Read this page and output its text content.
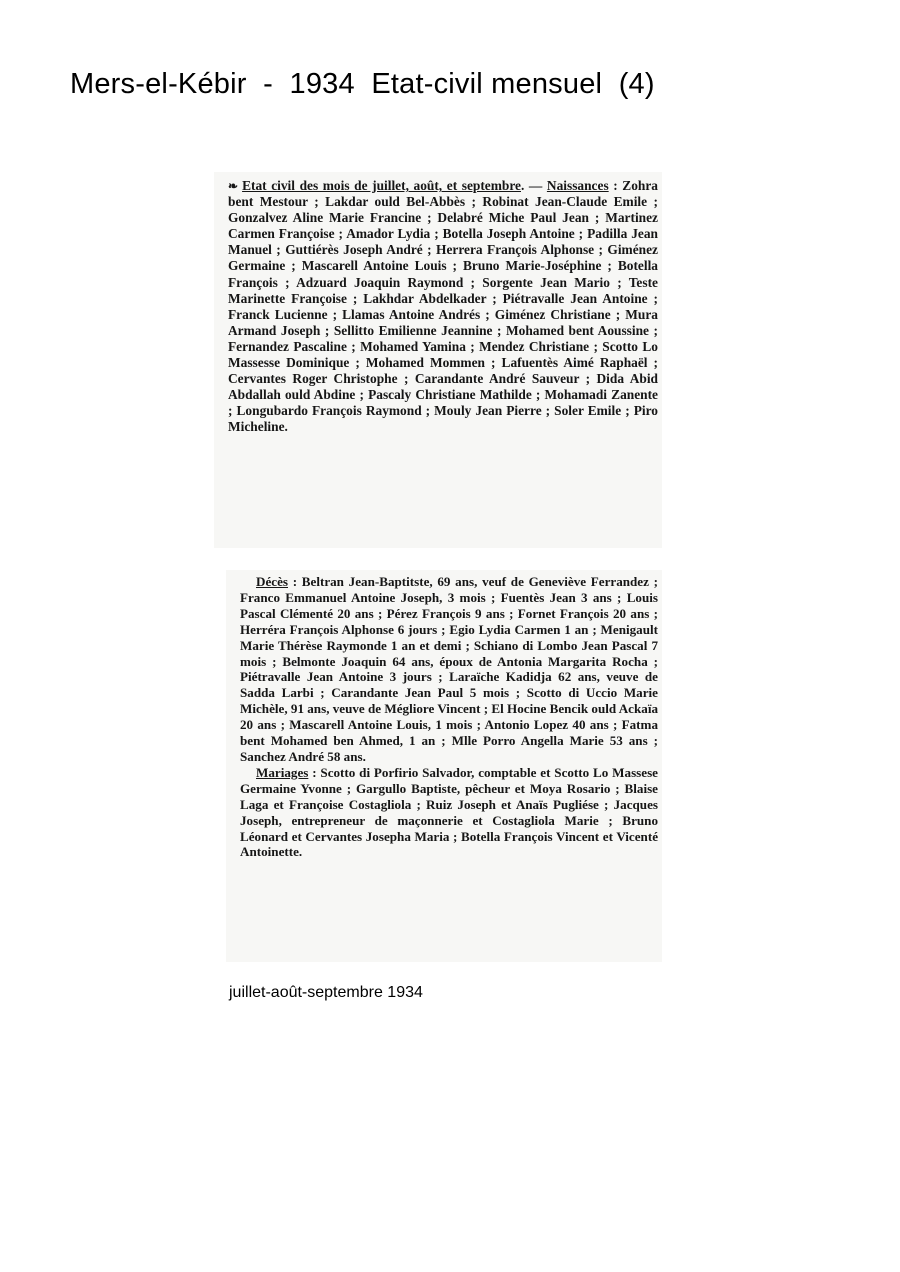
Mers-el-Kébir  -  1934  Etat-civil mensuel  (4)
❧ Etat civil des mois de juillet, août, et septembre. — Naissances : Zohra bent Mestour ; Lakdar ould Bel-Abbès ; Robinat Jean-Claude Emile ; Gonzalvez Aline Marie Francine ; Delabré Miche Paul Jean ; Martinez Carmen Françoise ; Amador Lydia ; Botella Joseph Antoine ; Padilla Jean Manuel ; Guttiérès Joseph André ; Herrera François Alphonse ; Giménez Germaine ; Mascarell Antoine Louis ; Bruno Marie-Joséphine ; Botella François ; Adzuard Joaquin Raymond ; Sorgente Jean Mario ; Teste Marinette Françoise ; Lakhdar Abdelkader ; Piétravalle Jean Antoine ; Franck Lucienne ; Llamas Antoine Andrés ; Giménez Christiane ; Mura Armand Joseph ; Sellitto Emilienne Jeannine ; Mohamed bent Aoussine ; Fernandez Pascaline ; Mohamed Yamina ; Mendez Christiane ; Scotto Lo Massesse Dominique ; Mohamed Mommen ; Lafuentès Aimé Raphaël ; Cervantes Roger Christophe ; Carandante André Sauveur ; Dida Abid Abdallah ould Abdine ; Pascaly Christiane Mathilde ; Mohamadi Zanente ; Longubardo François Raymond ; Mouly Jean Pierre ; Soler Emile ; Piro Micheline.

Décès : Beltran Jean-Baptitste, 69 ans, veuf de Geneviève Ferrandez ; Franco Emmanuel Antoine Joseph, 3 mois ; Fuentès Jean 3 ans ; Louis Pascal Clémenté 20 ans ; Pérez François 9 ans ; Fornet François 20 ans ; Herréra François Alphonse 6 jours ; Egio Lydia Carmen 1 an ; Menigault Marie Thérèse Raymonde 1 an et demi ; Schiano di Lombo Jean Pascal 7 mois ; Belmonte Joaquin 64 ans, époux de Antonia Margarita Rocha ; Piétravalle Jean Antoine 3 jours ; Laraïche Kadidja 62 ans, veuve de Sadda Larbi ; Carandante Jean Paul 5 mois ; Scotto di Uccio Marie Michèle, 91 ans, veuve de Mégliore Vincent ; El Hocine Bencik ould Ackaïa 20 ans ; Mascarell Antoine Louis, 1 mois ; Antonio Lopez 40 ans ; Fatma bent Mohamed ben Ahmed, 1 an ; Mlle Porro Angella Marie 53 ans ; Sanchez André 58 ans.

Mariages : Scotto di Porfirio Salvador, comptable et Scotto Lo Massese Germaine Yvonne ; Gargullo Baptiste, pêcheur et Moya Rosario ; Blaise Laga et Françoise Costagliola ; Ruiz Joseph et Anaïs Pugliése ; Jacques Joseph, entrepreneur de maçonnerie et Costagliola Marie ; Bruno Léonard et Cervantes Josepha Maria ; Botella François Vincent et Vicenté Antoinette.

juillet-août-septembre 1934
